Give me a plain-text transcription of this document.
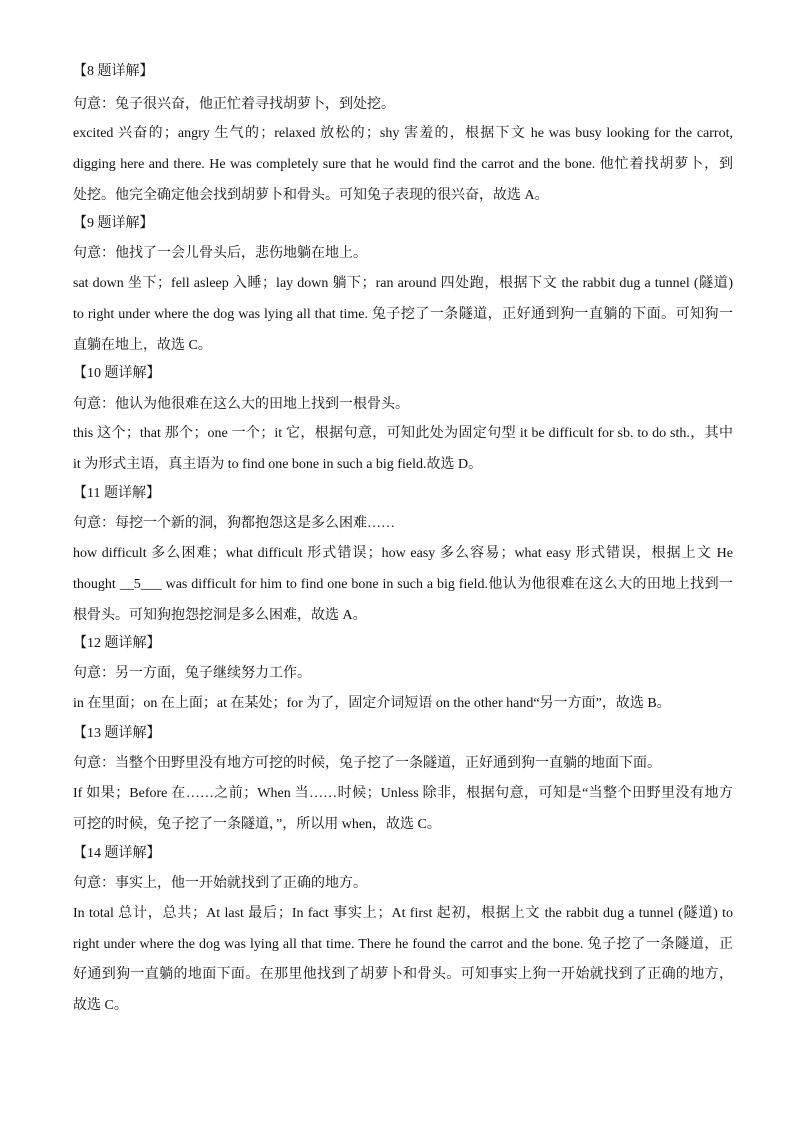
【8 题详解】
句意：兔子很兴奋，他正忙着寻找胡萝卜，到处挖。
excited 兴奋的；angry 生气的；relaxed 放松的；shy 害羞的，根据下文 he was busy looking for the carrot,
digging here and there. He was completely sure that he would find the carrot and the bone. 他忙着找胡萝卜，到
处挖。他完全确定他会找到胡萝卜和骨头。可知兔子表现的很兴奋，故选 A。
【9 题详解】
句意：他找了一会儿骨头后，悲伤地躺在地上。
sat down 坐下；fell asleep 入睡；lay down 躺下；ran around 四处跑，根据下文 the rabbit dug a tunnel (隧道)
to right under where the dog was lying all that time. 兔子挖了一条隧道，正好通到狗一直躺的下面。可知狗一
直躺在地上，故选 C。
【10 题详解】
句意：他认为他很难在这么大的田地上找到一根骨头。
this 这个；that 那个；one 一个；it 它，根据句意，可知此处为固定句型 it be difficult for sb. to do sth.，其中
it 为形式主语，真主语为 to find one bone in such a big field.故选 D。
【11 题详解】
句意：每挖一个新的洞，狗都抱怨这是多么困难……
how difficult 多么困难；what difficult 形式错误；how easy 多么容易；what easy 形式错误，根据上文 He
thought __5___ was difficult for him to find one bone in such a big field.他认为他很难在这么大的田地上找到一
根骨头。可知狗抱怨挖洞是多么困难，故选 A。
【12 题详解】
句意：另一方面，兔子继续努力工作。
in 在里面；on 在上面；at 在某处；for 为了，固定介词短语 on the other hand“另一方面”，故选 B。
【13 题详解】
句意：当整个田野里没有地方可挖的时候，兔子挖了一条隧道，正好通到狗一直躺的地面下面。
If 如果；Before 在……之前；When 当……时候；Unless 除非，根据句意，可知是“当整个田野里没有地方
可挖的时候，兔子挖了一条隧道，”，所以用 when，故选 C。
【14 题详解】
句意：事实上，他一开始就找到了正确的地方。
In total 总计，总共；At last 最后；In fact 事实上；At first 起初，根据上文 the rabbit dug a tunnel (隧道) to
right under where the dog was lying all that time. There he found the carrot and the bone. 兔子挖了一条隧道，正
好通到狗一直躺的地面下面。在那里他找到了胡萝卜和骨头。可知事实上狗一开始就找到了正确的地方，
故选 C。
